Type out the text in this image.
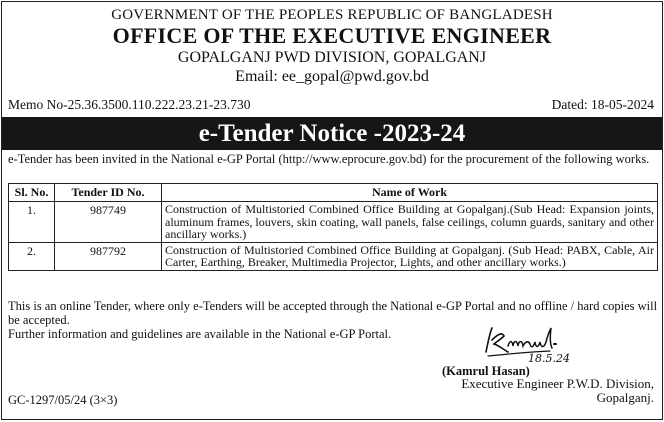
GOVERNMENT OF THE PEOPLES REPUBLIC OF BANGLADESH
OFFICE OF THE EXECUTIVE ENGINEER
GOPALGANJ PWD DIVISION, GOPALGANJ
Email: ee_gopal@pwd.gov.bd
Memo No-25.36.3500.110.222.23.21-23.730	Dated: 18-05-2024
e-Tender Notice -2023-24
e-Tender has been invited in the National e-GP Portal (http://www.eprocure.gov.bd) for the procurement of the following works.
Sl. No.	Tender ID No.	Name of Work
1.	987749	Construction of Multistoried Combined Office Building at Gopalganj.(Sub Head: Expansion joints, aluminum frames, louvers, skin coating, wall panels, false ceilings, column guards, sanitary and other ancillary works.)
2.	987792	Construction of Multistoried Combined Office Building at Gopalganj. (Sub Head: PABX, Cable, Air Carter, Earthing, Breaker, Multimedia Projector, Lights, and other ancillary works.)
This is an online Tender, where only e-Tenders will be accepted through the National e-GP Portal and no offline / hard copies will be accepted.
Further information and guidelines are available in the National e-GP Portal.
18.5.24
(Kamrul Hasan)
Executive Engineer P.W.D. Division,
Gopalganj.
GC-1297/05/24 (3×3)
